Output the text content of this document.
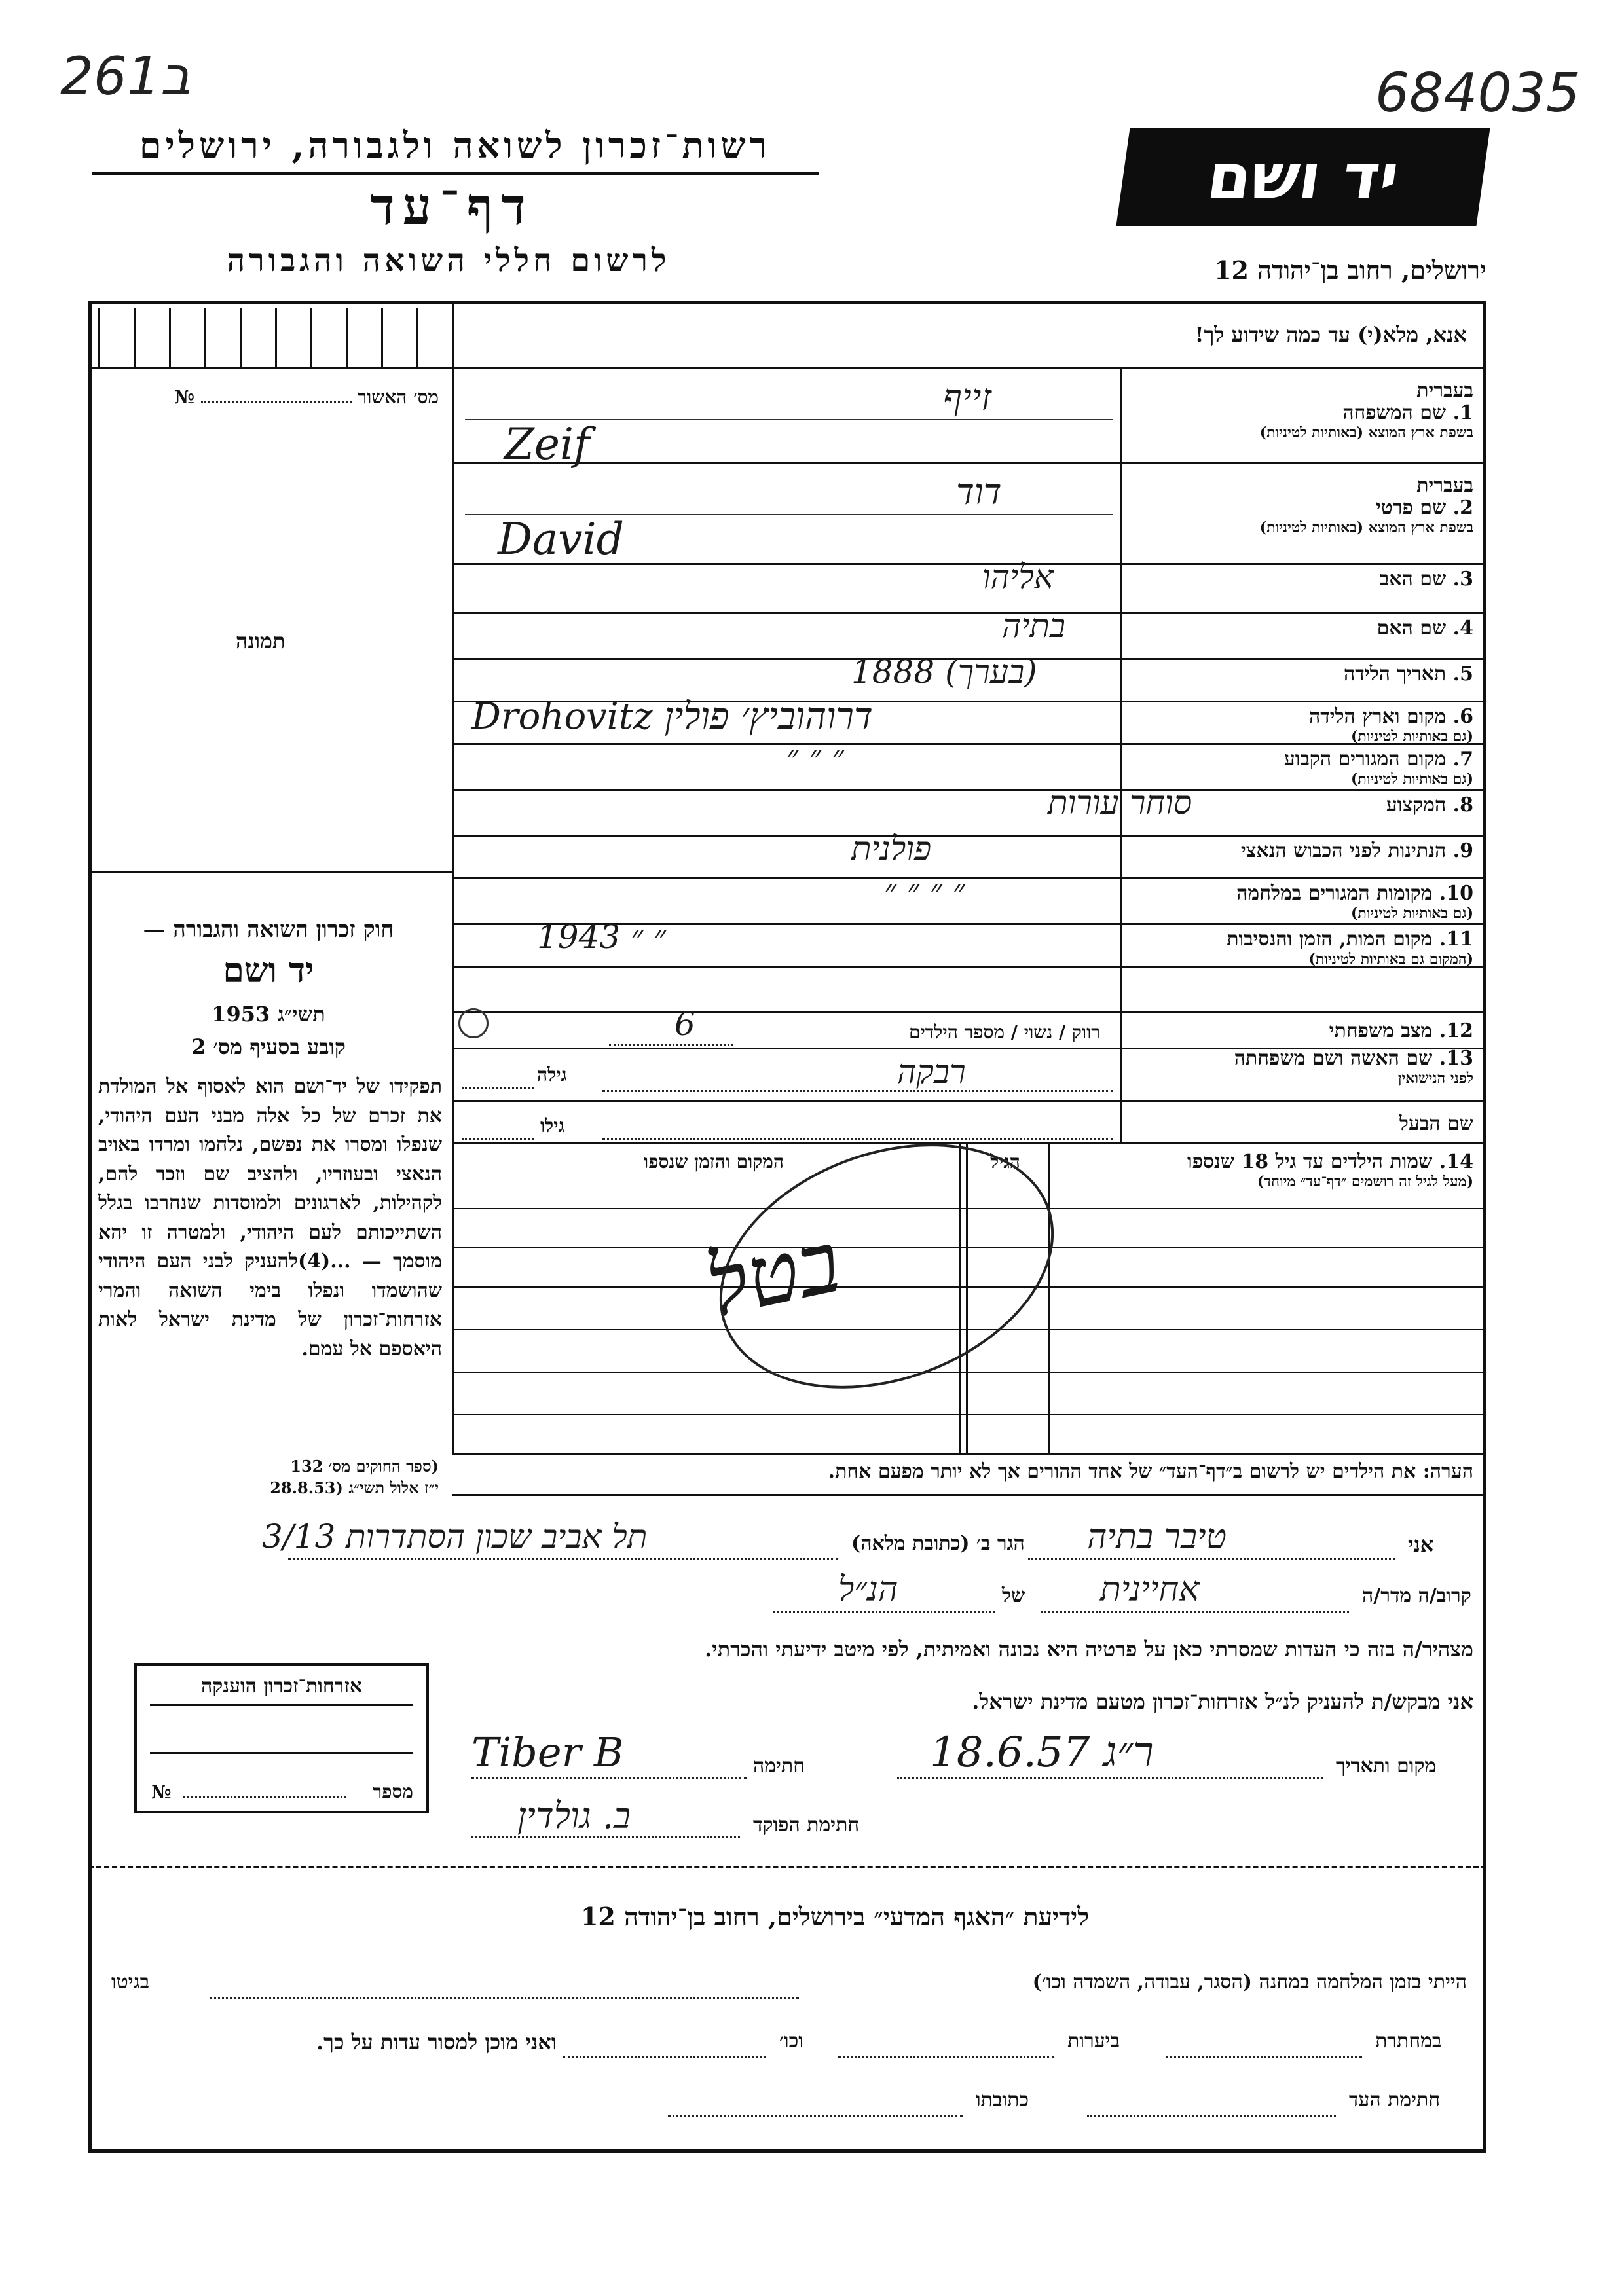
261ב	684035
רשות־זכרון לשואה ולגבורה, ירושלים
דף־עד
לרשום חללי השואה והגבורה
יד ושם
ירושלים, רחוב בן־יהודה 12
אנא, מלא(י) עד כמה שידוע לך!
מס׳ האשור  №
תמונה
חוק זכרון השואה והגבורה —
יד ושם
תשי״ג 1953
קובע בסעיף מס׳ 2
תפקידו של יד־ושם הוא לאסוף אל המולדת את זכרם של כל אלה מבני העם היהודי, שנפלו ומסרו את נפשם, נלחמו ומרדו באויב הנאצי ובעוזריו, ולהציב שם וזכר להם, לקהילות, לארגונים ולמוסדות שנחרבו בגלל השתייכותם לעם היהודי, ולמטרה זו יהא מוסמך — ...(4)להעניק לבני העם היהודי שהושמדו ונפלו בימי השואה והמרי אזרחות־זכרון של מדינת ישראל לאות היאספם אל עמם.
(ספר החוקים מס׳ 132
י״ז אלול תשי״ג (28.8.53
בעברית
1. שם המשפחה
בשפת ארץ המוצא (באותיות לטיניות)
זייף
Zeif
בעברית
2. שם פרטי
בשפת ארץ המוצא (באותיות לטיניות)
דוד
David
3. שם האב
אליהו
4. שם האם
בתיה
5. תאריך הלידה
1888 (בערך)
6. מקום וארץ הלידה
(גם באותיות לטיניות)
Drohovitz דרוהוביץ׳ פולין
7. מקום המגורים הקבוע
(גם באותיות לטיניות)
״ ״ ״
8. המקצוע
סוחר עורות
9. הנתינות לפני הכבוש הנאצי
פולנית
10. מקומות המגורים במלחמה
(גם באותיות לטיניות)
״ ״ ״ ״
11. מקום המות, הזמן והנסיבות
(המקום גם באותיות לטיניות)
1943 ״ ״
12. מצב משפחתי
רווק / נשוי / מספר הילדים
6
13. שם האשה ושם משפחתה
לפני הנישואין
גילה	רבקה
שם הבעל
גילו
14. שמות הילדים עד גיל 18 שנספו
(מעל לגיל זה רושמים ״דף־עד״ מיוחד)
הגיל
המקום והזמן שנספו
בטל
הערה: את הילדים יש לרשום ב״דף־העד״ של אחד ההורים אך לא יותר מפעם אחת.
אני
טיבר בתיה
הגר ב׳ (כתובת מלאה)
תל אביב שכון הסתדרות 3/13
קרוב/ה מדר/ה
אחיינית
של
הנ״ל
מצהיר/ה בזה כי העדות שמסרתי כאן על פרטיה היא נכונה ואמיתית, לפי מיטב ידיעתי והכרתי.
אני מבקש/ת להעניק לנ״ל אזרחות־זכרון מטעם מדינת ישראל.
מקום ותאריך
ר״ג 18.6.57
חתימה
Tiber B
חתימת הפוקד
ב. גולדין
אזרחות־זכרון הוענקה
מספר
№
לידיעת ״האגף המדעי״ בירושלים, רחוב בן־יהודה 12
הייתי בזמן המלחמה במחנה (הסגר, עבודה, השמדה וכו׳)
בגיטו
במחתרת
ביערות
וכו׳
ואני מוכן למסור עדות על כך.
חתימת העד
כתובתו
